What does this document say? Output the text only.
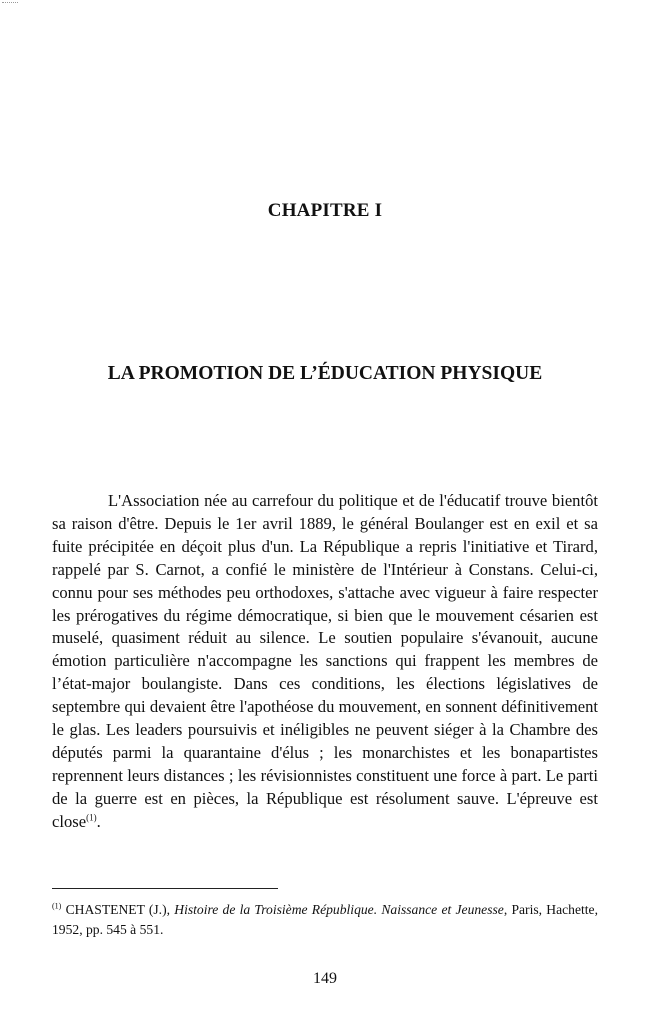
CHAPITRE I
LA PROMOTION DE L’ÉDUCATION PHYSIQUE

L'Association née au carrefour du politique et de l'éducatif trouve bientôt sa raison d'être. Depuis le 1er avril 1889, le général Boulanger est en exil et sa fuite précipitée en déçoit plus d'un. La République a repris l'initiative et Tirard, rappelé par S. Carnot, a confié le ministère de l'Intérieur à Constans. Celui-ci, connu pour ses méthodes peu orthodoxes, s'attache avec vigueur à faire respecter les prérogatives du régime démocratique, si bien que le mouvement césarien est muselé, quasiment réduit au silence. Le soutien populaire s'évanouit, aucune émotion particulière n'accompagne les sanctions qui frappent les membres de l’état-major boulangiste. Dans ces conditions, les élections législatives de septembre qui devaient être l'apothéose du mouvement, en sonnent définitivement le glas. Les leaders poursuivis et inéligibles ne peuvent siéger à la Chambre des députés parmi la quarantaine d'élus ; les monarchistes et les bonapartistes reprennent leurs distances ; les révisionnistes constituent une force à part. Le parti de la guerre est en pièces, la République est résolument sauve. L'épreuve est close$^{(1)}$.

$^{(1)}$ CHASTENET (J.), Histoire de la Troisième République. Naissance et Jeunesse, Paris, Hachette, 1952, pp. 545 à 551.

149
